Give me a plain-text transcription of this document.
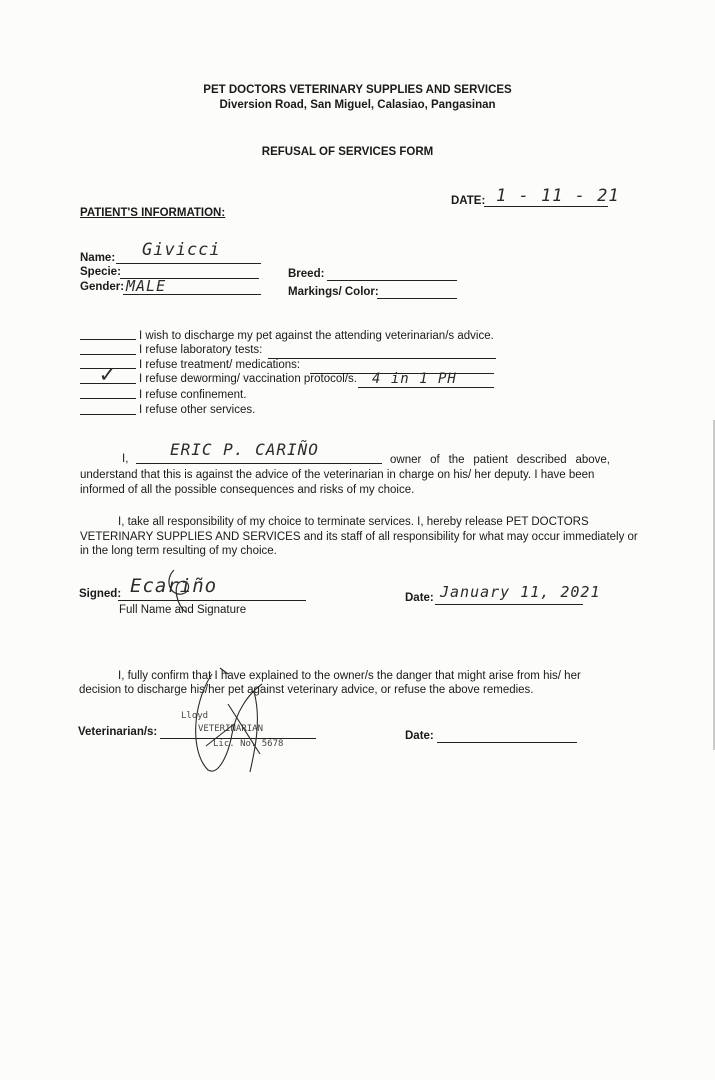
PET DOCTORS VETERINARY SUPPLIES AND SERVICES
Diversion Road, San Miguel, Calasiao, Pangasinan
REFUSAL OF SERVICES FORM
DATE: 1 - 11 - 21
PATIENT'S INFORMATION:
Name: Givicci
Specie:
Gender: MALE
Breed:
Markings/ Color:
I wish to discharge my pet against the attending veterinarian/s advice.
I refuse laboratory tests:
I refuse treatment/ medications:
✓ I refuse deworming/ vaccination protocol/s. 4 in 1 PH
I refuse confinement.
I refuse other services.
I,	ERIC P. CARIÑO
owner of the patient described above,
understand that this is against the advice of the veterinarian in charge on his/ her deputy. I have been
informed of all the possible consequences and risks of my choice.
I, take all responsibility of my choice to terminate services. I, hereby release PET DOCTORS
VETERINARY SUPPLIES AND SERVICES and its staff of all responsibility for what may occur immediately or
in the long term resulting of my choice.
Signed: Ecariño
Full Name and Signature
Date: January 11, 2021
I, fully confirm that I have explained to the owner/s the danger that might arise from his/ her
decision to discharge his/her pet against veterinary advice, or refuse the above remedies.
Veterinarian/s:
Lloyd
VETERINARIAN
Lic. No. 5678
Date:
